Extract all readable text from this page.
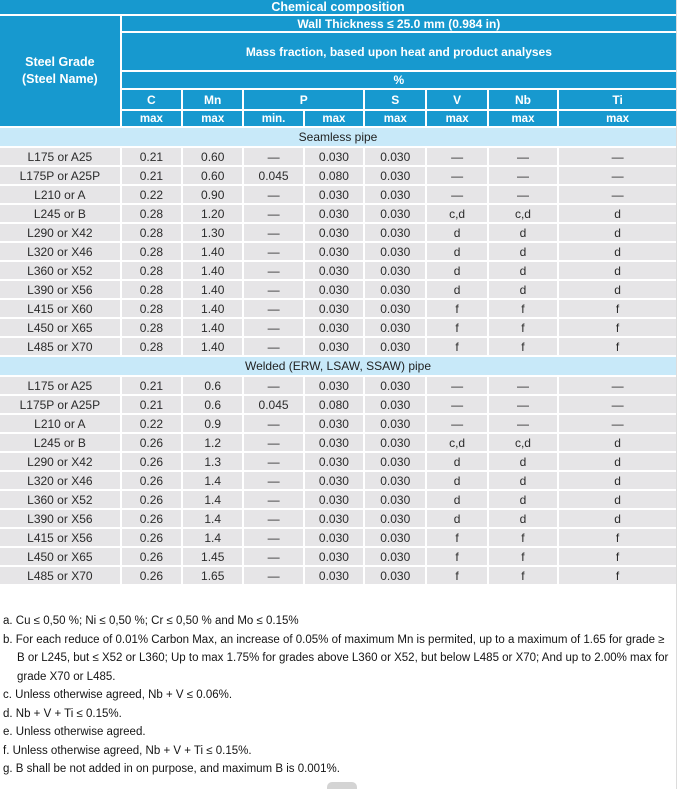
Chemical composition								

Steel Grade
(Steel Name)	Wall Thickness ≤ 25.0 mm (0.984 in)							
	Mass fraction, based upon heat and product analyses							
	%							
	C	Mn	P		S	V	Nb	Ti
	max	max	min.	max	max	max	max	max
Seamless pipe								
L175 or A25	0.21	0.60	—	0.030	0.030	—	—	—
L175P or A25P	0.21	0.60	0.045	0.080	0.030	—	—	—
L210 or A	0.22	0.90	—	0.030	0.030	—	—	—
L245 or B	0.28	1.20	—	0.030	0.030	c,d	c,d	d
L290 or X42	0.28	1.30	—	0.030	0.030	d	d	d
L320 or X46	0.28	1.40	—	0.030	0.030	d	d	d
L360 or X52	0.28	1.40	—	0.030	0.030	d	d	d
L390 or X56	0.28	1.40	—	0.030	0.030	d	d	d
L415 or X60	0.28	1.40	—	0.030	0.030	f	f	f
L450 or X65	0.28	1.40	—	0.030	0.030	f	f	f
L485 or X70	0.28	1.40	—	0.030	0.030	f	f	f
Welded (ERW, LSAW, SSAW) pipe								
L175 or A25	0.21	0.6	—	0.030	0.030	—	—	—
L175P or A25P	0.21	0.6	0.045	0.080	0.030	—	—	—
L210 or A	0.22	0.9	—	0.030	0.030	—	—	—
L245 or B	0.26	1.2	—	0.030	0.030	c,d	c,d	d
L290 or X42	0.26	1.3	—	0.030	0.030	d	d	d
L320 or X46	0.26	1.4	—	0.030	0.030	d	d	d
L360 or X52	0.26	1.4	—	0.030	0.030	d	d	d
L390 or X56	0.26	1.4	—	0.030	0.030	d	d	d
L415 or X56	0.26	1.4	—	0.030	0.030	f	f	f
L450 or X65	0.26	1.45	—	0.030	0.030	f	f	f
L485 or X70	0.26	1.65	—	0.030	0.030	f	f	f
a. Cu ≤ 0,50 %; Ni ≤ 0,50 %; Cr ≤ 0,50 % and Mo ≤ 0.15%
b. For each reduce of 0.01% Carbon Max, an increase of 0.05% of maximum Mn is permited, up to a maximum of 1.65 for grade ≥ B or L245, but ≤ X52 or L360; Up to max 1.75% for grades above L360 or X52, but below L485 or X70; And up to 2.00% max for grade X70 or L485.
c. Unless otherwise agreed, Nb + V ≤ 0.06%.
d. Nb + V + Ti ≤ 0.15%.
e. Unless otherwise agreed.
f. Unless otherwise agreed, Nb + V + Ti ≤ 0.15%.
g. B shall be not added in on purpose, and maximum B is 0.001%.
